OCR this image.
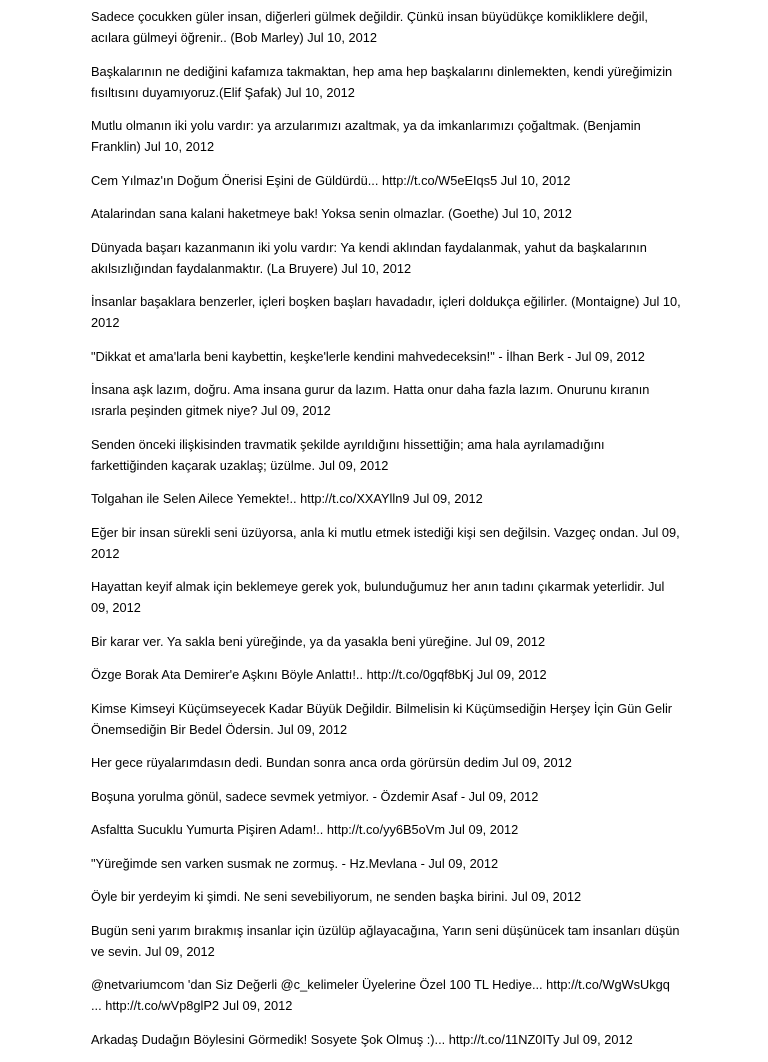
Sadece çocukken güler insan, diğerleri gülmek değildir. Çünkü insan büyüdükçe komikliklere değil, acılara gülmeyi öğrenir.. (Bob Marley) Jul 10, 2012
Başkalarının ne dediğini kafamıza takmaktan, hep ama hep başkalarını dinlemekten, kendi yüreğimizin fısıltısını duyamıyoruz.(Elif Şafak) Jul 10, 2012
Mutlu olmanın iki yolu vardır: ya arzularımızı azaltmak, ya da imkanlarımızı çoğaltmak. (Benjamin Franklin) Jul 10, 2012
Cem Yılmaz'ın Doğum Önerisi Eşini de Güldürdü... http://t.co/W5eEIqs5 Jul 10, 2012
Atalarindan sana kalani haketmeye bak! Yoksa senin olmazlar. (Goethe) Jul 10, 2012
Dünyada başarı kazanmanın iki yolu vardır: Ya kendi aklından faydalanmak, yahut da başkalarının akılsızlığından faydalanmaktır. (La Bruyere) Jul 10, 2012
İnsanlar başaklara benzerler, içleri boşken başları havadadır, içleri doldukça eğilirler. (Montaigne) Jul 10, 2012
"Dikkat et ama'larla beni kaybettin, keşke'lerle kendini mahvedeceksin!" - İlhan Berk - Jul 09, 2012
İnsana aşk lazım, doğru. Ama insana gurur da lazım. Hatta onur daha fazla lazım. Onurunu kıranın ısrarla peşinden gitmek niye? Jul 09, 2012
Senden önceki ilişkisinden travmatik şekilde ayrıldığını hissettiğin; ama hala ayrılamadığını farkettiğinden kaçarak uzaklaş; üzülme. Jul 09, 2012
Tolgahan ile Selen Ailece Yemekte!.. http://t.co/XXAYlln9 Jul 09, 2012
Eğer bir insan sürekli seni üzüyorsa, anla ki mutlu etmek istediği kişi sen değilsin. Vazgeç ondan. Jul 09, 2012
Hayattan keyif almak için beklemeye gerek yok, bulunduğumuz her anın tadını çıkarmak yeterlidir. Jul 09, 2012
Bir karar ver. Ya sakla beni yüreğinde, ya da yasakla beni yüreğine. Jul 09, 2012
Özge Borak Ata Demirer'e Aşkını Böyle Anlattı!.. http://t.co/0gqf8bKj Jul 09, 2012
Kimse Kimseyi Küçümseyecek Kadar Büyük Değildir. Bilmelisin ki Küçümsediğin Herşey İçin Gün Gelir Önemsediğin Bir Bedel Ödersin. Jul 09, 2012
Her gece rüyalarımdasın dedi. Bundan sonra anca orda görürsün dedim Jul 09, 2012
Boşuna yorulma gönül, sadece sevmek yetmiyor. - Özdemir Asaf - Jul 09, 2012
Asfaltta Sucuklu Yumurta Pişiren Adam!.. http://t.co/yy6B5oVm Jul 09, 2012
"Yüreğimde sen varken susmak ne zormuş. - Hz.Mevlana - Jul 09, 2012
Öyle bir yerdeyim ki şimdi. Ne seni sevebiliyorum, ne senden başka birini. Jul 09, 2012
Bugün seni yarım bırakmış insanlar için üzülüp ağlayacağına, Yarın seni düşünücek tam insanları düşün ve sevin. Jul 09, 2012
@netvariumcom 'dan Siz Değerli @c_kelimeler Üyelerine Özel 100 TL Hediye... http://t.co/WgWsUkgq ... http://t.co/wVp8glP2 Jul 09, 2012
Arkadaş Dudağın Böylesini Görmedik! Sosyete Şok Olmuş :)... http://t.co/11NZ0ITy Jul 09, 2012
